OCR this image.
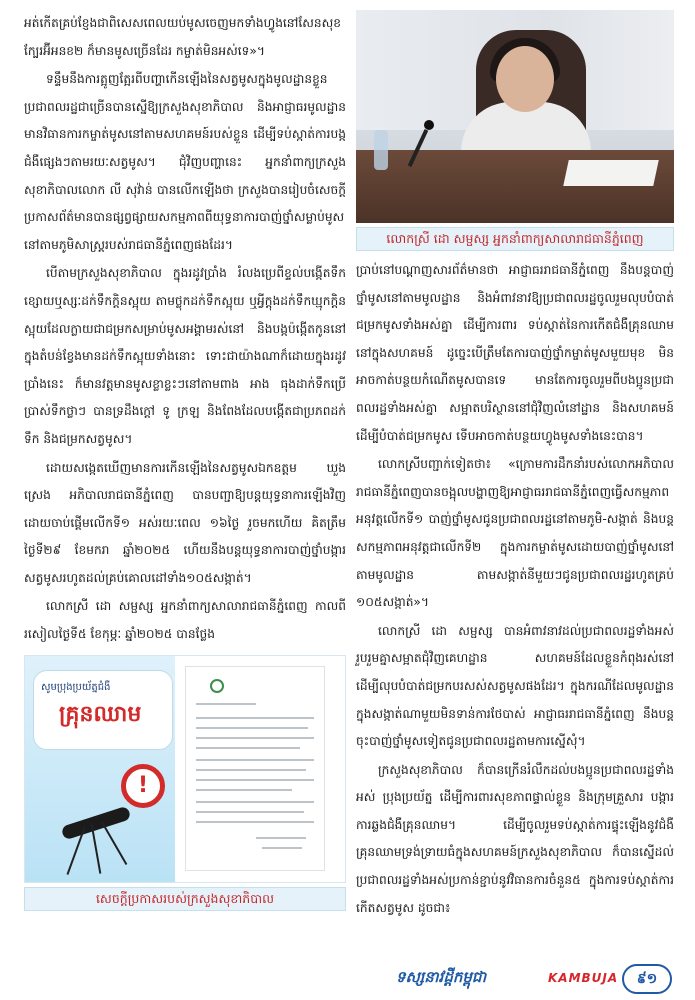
អត់កើតគ្រប់ខ្ញែងជាពិសេសពេលយប់មូសចេញមកទាំងហ្វូងនៅសែនសុខក្បែរអ៊ីអនខ២ ក៏មានមូសច្រើនដែរ កម្ចាត់មិនអស់ទេ»។

ទន្ទឹមនឹងការត្អូញត្អែរពីបញ្ហាកើនឡើងនៃសត្វមូសក្នុងមូលដ្ឋានខ្លួន ប្រជាពលរដ្ឋជាច្រើនបានស្នើឱ្យក្រសួងសុខាភិបាល និងអាជ្ញាធរមូលដ្ឋានមានវិធានការកម្ចាត់មូសនៅតាមសហគមន៍របស់ខ្លួន ដើម្បីទប់ស្កាត់ការបង្កជំងឺផ្សេងៗតាមរយៈសត្វមូស។ ជុំវិញបញ្ហានេះ អ្នកនាំពាក្យក្រសួងសុខាភិបាលលោក លី សុវ៉ាន់ បានលើកឡើងថា ក្រសួងបានរៀបចំសេចក្តីប្រកាសព័ត៌មានបានផ្សព្វផ្សាយសកម្មភាពពីយុទ្ធនាការបាញ់ថ្នាំសម្លាប់មូសនៅតាមភូមិសាស្ត្ររបស់រាជធានីភ្នំពេញផងដែរ។

បើតាមក្រសួងសុខាភិបាល ក្នុងរដូវប្រាំង រំលងប្រេពីខ្ទល់បង្កើតទឹកខ្សោយឬស្សៈដក់ទឹកក្តិនស្អុយ តាមថ្លុកដក់ទឹកស្អុយ ឬអ្វីក្តុងដក់ទឹកឃ្មុកក្តិនស្អុយដែលក្លាយជាជម្រកសម្រាប់មូសអង្គាមរស់នៅ និងបង្កប៉ង្កើតកូននៅក្នុងតំបន់ខ្វែងមានដក់ទឹកស្អុយទាំងនោះ ទោះជាយ៉ាងណាក៏ដោយក្នុងរដូវប្រាំងនេះ ក៏មានវត្តមានមូសខ្លាខ្លះៗនៅតាមពាង អាង ធុងដាក់ទឹកប្រើប្រាស់ទឹកថ្លាៗ បានទ្រដឹងក្តៅ ទូ ក្រឡ និងពែងដែលបង្កើតជាប្រភពដក់ទឹក និងជម្រកសត្វមូស។

ដោយសង្កេតឃើញមានការកើនឡើងនៃសត្វមូសឯកឧត្តម ឃួង ស្រេង អភិបាលរាជធានីភ្នំពេញ បានបញ្ជាឱ្យបន្តយុទ្ធនាការឡើងវិញ ដោយចាប់ផ្តើមលើកទី១ អស់រយៈពេល ១៦ថ្ងៃ រួចមកហើយ គិតត្រឹមថ្ងៃទី២៩ ខែមករា ឆ្នាំ២០២៥ ហើយនឹងបន្តយុទ្ធនាការបាញ់ថ្នាំបង្ការសត្វមូសរហូតដល់គ្រប់គោលដៅទាំង១០៥សង្កាត់។

លោកស្រី ដោ សម្ផស្ស អ្នកនាំពាក្យសាលារាជធានីភ្នំពេញ កាលពីរសៀលថ្ងៃទី៥ ខែកុម្ភៈ ឆ្នាំ២០២៥ បានថ្លែង

សូមប្រុងប្រយ័ត្នជំងឺ
គ្រុនឈាម
!
សេចក្តីប្រកាសរបស់ក្រសួងសុខាភិបាល
លោកស្រី ដោ សម្ផស្ស អ្នកនាំពាក្យសាលារាជធានីភ្នំពេញ

ប្រាប់នៅបណ្តាញសារព័ត៌មានថា អាជ្ញាធររាជធានីភ្នំពេញ នឹងបន្តបាញ់ថ្នាំមូសនៅតាមមូលដ្ឋាន និងអំពាវនាវឱ្យប្រជាពលរដ្ឋចូលរួមលុបបំបាត់ជម្រកមូសទាំងអស់គ្នា ដើម្បីការពារ ទប់ស្កាត់នៃការកើតជំងឺគ្រុនឈាមនៅក្នុងសហគមន៍ ដូច្នេះបើត្រឹមតែការបាញ់ថ្នាំកម្ចាត់មូសមួយមុខ មិនអាចកាត់បន្ថយកំណើតមូសបានទេ មានតែការចូលរួមពីបងប្អូនប្រជាពលរដ្ឋទាំងអស់គ្នា សម្អាតបរិស្ថាននៅជុំវិញលំនៅដ្ឋាន និងសហគមន៍ ដើម្បីបំបាត់ជម្រកមូស ទើបអាចកាត់បន្ថយហ្វូងមូសទាំងនេះបាន។

លោកស្រីបញ្ជាក់ទៀតថា៖ «ក្រោមការដឹកនាំរបស់លោកអភិបាលរាជធានីភ្នំពេញបានចង្អុលបង្ហាញឱ្យអាជ្ញាធររាជធានីភ្នំពេញធ្វើសកម្មភាពអនុវត្តលើកទី១ បាញ់ថ្នាំមូសជូនប្រជាពលរដ្ឋនៅតាមភូមិ-សង្កាត់ និងបន្តសកម្មភាពអនុវត្តជាលើកទី២ ក្នុងការកម្ចាត់មូសដោយបាញ់ថ្នាំមូសនៅតាមមូលដ្ឋាន តាមសង្កាត់នីមួយៗជូនប្រជាពលរដ្ឋរហូតគ្រប់ ១០៥សង្កាត់»។

លោកស្រី ដោ សម្ផស្ស បានអំពាវនាវដល់ប្រជាពលរដ្ឋទាំងអស់រួបរួមគ្នាសម្អាតជុំវិញគេហដ្ឋាន សហគមន៍ដែលខ្លួនកំពុងរស់នៅ ដើម្បីលុបបំបាត់ជម្រកបរសស់សត្វមូសផងដែរ។ ក្នុងករណីដែលមូលដ្ឋានក្នុងសង្កាត់ណាមួយមិនទាន់ការថែបាស់ អាជ្ញាធររាជធានីភ្នំពេញ នឹងបន្តចុះបាញ់ថ្នាំមូសទៀតជូនប្រជាពលរដ្ឋតាមការស្នើសុំ។

ក្រសួងសុខាភិបាល ក៏បានក្រើនរំលឹកដល់បងប្អូនប្រជាពលរដ្ឋទាំងអស់ ប្រុងប្រយ័ត្ន ដើម្បីការពារសុខភាពផ្ទាល់ខ្លួន និងក្រុមគ្រួសារ បង្ការការឆ្លងជំងឺគ្រុនឈាម។ ដើម្បីចូលរួមទប់ស្កាត់ការផ្ទុះឡើងនូវជំងឺគ្រុនឈាមទ្រង់ទ្រាយធំក្នុងសហគមន៍ក្រសួងសុខាភិបាល ក៏បានស្នើដល់ប្រជាពលរដ្ឋទាំងអស់ប្រកាន់ខ្ជាប់នូវវិធានការចំនួន៥ ក្នុងការទប់ស្កាត់ការកើតសត្វមូស ដូចជា៖

ទស្សនាវដ្ដីកម្ពុជា	KAMBUJA	៩១
